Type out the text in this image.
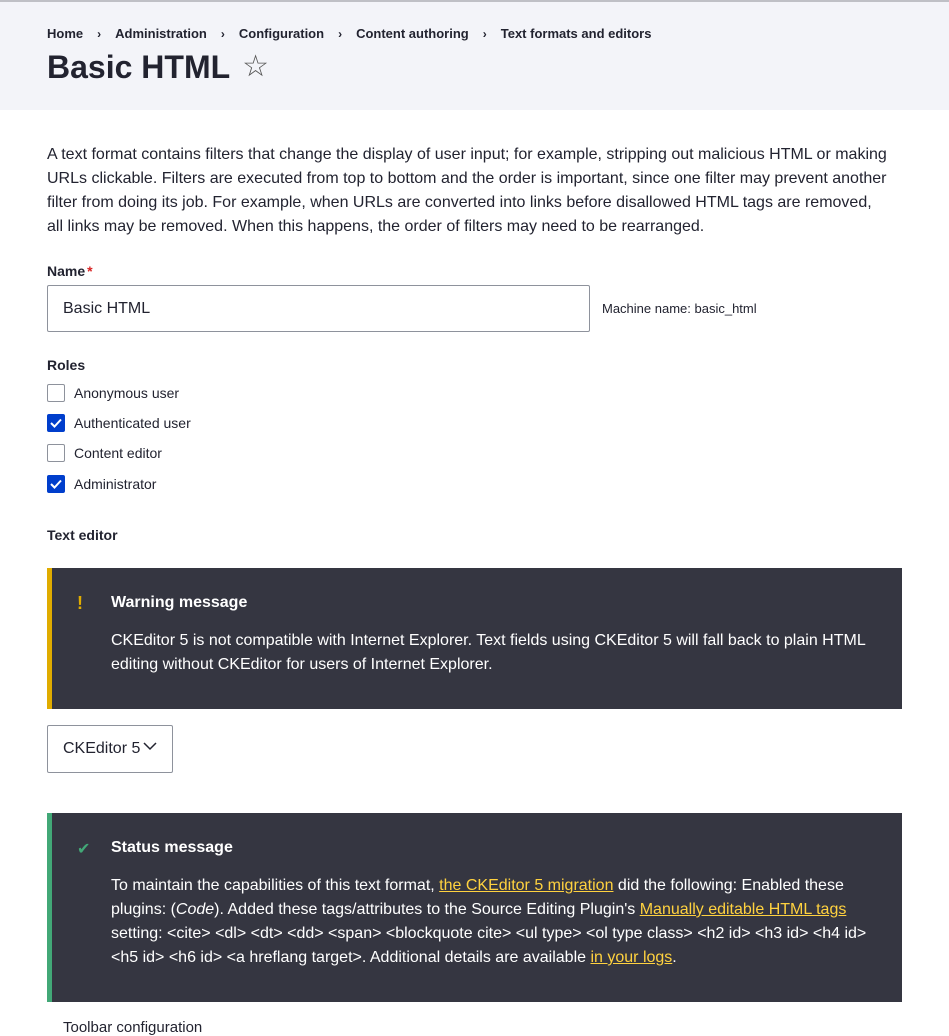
Home › Administration › Configuration › Content authoring › Text formats and editors
Basic HTML ☆

A text format contains filters that change the display of user input; for example, stripping out malicious HTML or making URLs clickable. Filters are executed from top to bottom and the order is important, since one filter may prevent another filter from doing its job. For example, when URLs are converted into links before disallowed HTML tags are removed, all links may be removed. When this happens, the order of filters may need to be rearranged.

Name *
Basic HTML	Machine name: basic_html
Roles
Anonymous user
Authenticated user
Content editor
Administrator
Text editor
! Warning message
CKEditor 5 is not compatible with Internet Explorer. Text fields using CKEditor 5 will fall back to plain HTML editing without CKEditor for users of Internet Explorer.
CKEditor 5
✔ Status message
To maintain the capabilities of this text format, the CKEditor 5 migration did the following: Enabled these plugins: (Code). Added these tags/attributes to the Source Editing Plugin's Manually editable HTML tags setting: <cite> <dl> <dt> <dd> <span> <blockquote cite> <ul type> <ol type class> <h2 id> <h3 id> <h4 id> <h5 id> <h6 id> <a hreflang target>. Additional details are available in your logs.
Toolbar configuration
